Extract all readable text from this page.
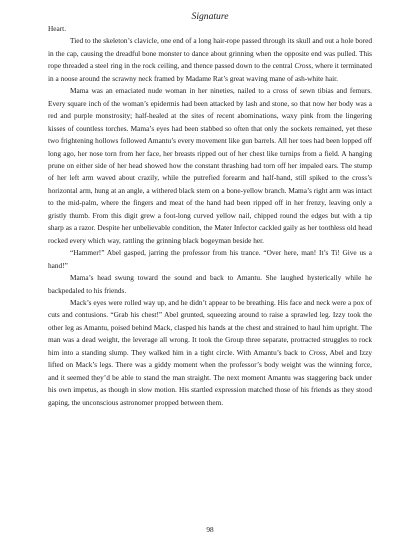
Signature

Heart.

Tied to the skeleton’s clavicle, one end of a long hair-rope passed through its skull and out a hole bored in the cap, causing the dreadful bone monster to dance about grinning when the opposite end was pulled. This rope threaded a steel ring in the rock ceiling, and thence passed down to the central Cross, where it terminated in a noose around the scrawny neck framed by Madame Rat’s great waving mane of ash-white hair.

Mama was an emaciated nude woman in her nineties, nailed to a cross of sewn tibias and femurs. Every square inch of the woman’s epidermis had been attacked by lash and stone, so that now her body was a red and purple monstrosity; half-healed at the sites of recent abominations, waxy pink from the lingering kisses of countless torches. Mama’s eyes had been stabbed so often that only the sockets remained, yet these two frightening hollows followed Amantu’s every movement like gun barrels. All her toes had been lopped off long ago, her nose torn from her face, her breasts ripped out of her chest like turnips from a field. A hanging prune on either side of her head showed how the constant thrashing had torn off her impaled ears. The stump of her left arm waved about crazily, while the putrefied forearm and half-hand, still spiked to the cross’s horizontal arm, hung at an angle, a withered black stem on a bone-yellow branch. Mama’s right arm was intact to the mid-palm, where the fingers and meat of the hand had been ripped off in her frenzy, leaving only a gristly thumb. From this digit grew a foot-long curved yellow nail, chipped round the edges but with a tip sharp as a razor. Despite her unbelievable condition, the Mater Infector cackled gaily as her toothless old head rocked every which way, rattling the grinning black bogeyman beside her.

“Hammer!” Abel gasped, jarring the professor from his trance. “Over here, man! It’s Ti! Give us a hand!”

Mama’s head swung toward the sound and back to Amantu. She laughed hysterically while he backpedaled to his friends.

Mack’s eyes were rolled way up, and he didn’t appear to be breathing. His face and neck were a pox of cuts and contusions. “Grab his chest!” Abel grunted, squeezing around to raise a sprawled leg. Izzy took the other leg as Amantu, poised behind Mack, clasped his hands at the chest and strained to haul him upright. The man was a dead weight, the leverage all wrong. It took the Group three separate, protracted struggles to rock him into a standing slump. They walked him in a tight circle. With Amantu’s back to Cross, Abel and Izzy lifted on Mack’s legs. There was a giddy moment when the professor’s body weight was the winning force, and it seemed they’d be able to stand the man straight. The next moment Amantu was staggering back under his own impetus, as though in slow motion. His startled expression matched those of his friends as they stood gaping, the unconscious astronomer propped between them.

98
